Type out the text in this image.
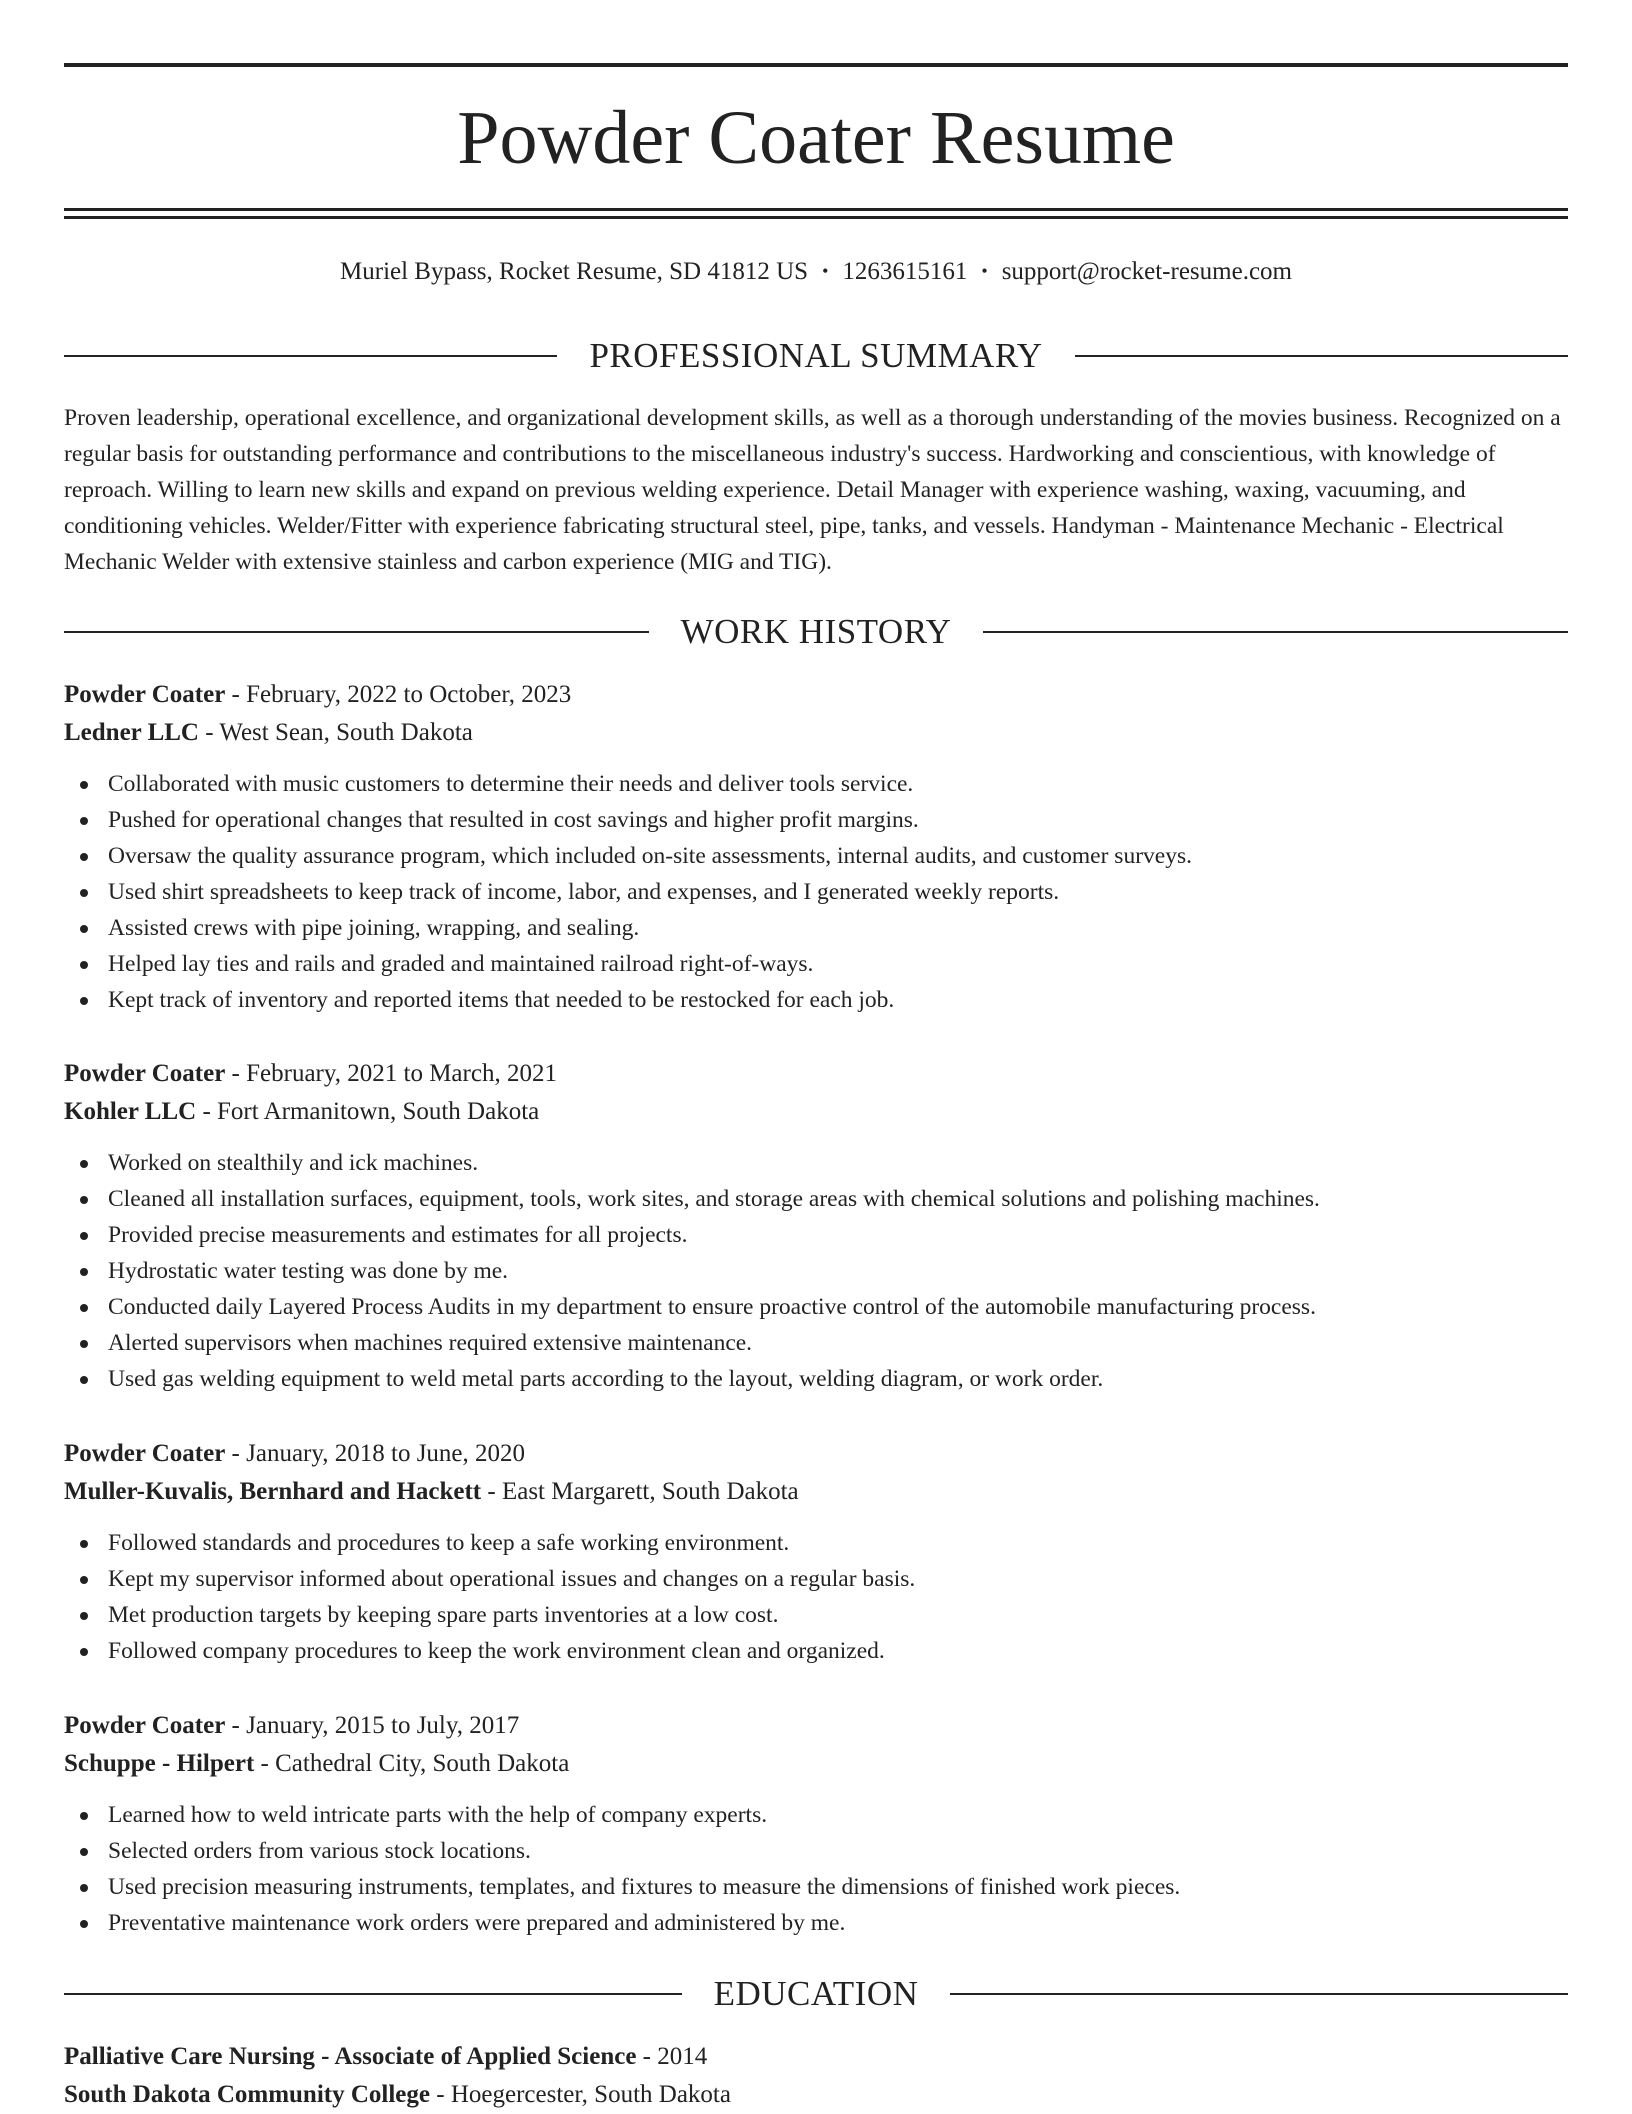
Powder Coater Resume
Muriel Bypass, Rocket Resume, SD 41812 US • 1263615161 • support@rocket-resume.com
PROFESSIONAL SUMMARY

Proven leadership, operational excellence, and organizational development skills, as well as a thorough understanding of the movies business. Recognized on a regular basis for outstanding performance and contributions to the miscellaneous industry's success. Hardworking and conscientious, with knowledge of reproach. Willing to learn new skills and expand on previous welding experience. Detail Manager with experience washing, waxing, vacuuming, and conditioning vehicles. Welder/Fitter with experience fabricating structural steel, pipe, tanks, and vessels. Handyman - Maintenance Mechanic - Electrical Mechanic Welder with extensive stainless and carbon experience (MIG and TIG).

WORK HISTORY
Powder Coater - February, 2022 to October, 2023
Ledner LLC - West Sean, South Dakota
Collaborated with music customers to determine their needs and deliver tools service.
Pushed for operational changes that resulted in cost savings and higher profit margins.
Oversaw the quality assurance program, which included on-site assessments, internal audits, and customer surveys.
Used shirt spreadsheets to keep track of income, labor, and expenses, and I generated weekly reports.
Assisted crews with pipe joining, wrapping, and sealing.
Helped lay ties and rails and graded and maintained railroad right-of-ways.
Kept track of inventory and reported items that needed to be restocked for each job.
Powder Coater - February, 2021 to March, 2021
Kohler LLC - Fort Armanitown, South Dakota
Worked on stealthily and ick machines.
Cleaned all installation surfaces, equipment, tools, work sites, and storage areas with chemical solutions and polishing machines.
Provided precise measurements and estimates for all projects.
Hydrostatic water testing was done by me.
Conducted daily Layered Process Audits in my department to ensure proactive control of the automobile manufacturing process.
Alerted supervisors when machines required extensive maintenance.
Used gas welding equipment to weld metal parts according to the layout, welding diagram, or work order.
Powder Coater - January, 2018 to June, 2020
Muller-Kuvalis, Bernhard and Hackett - East Margarett, South Dakota
Followed standards and procedures to keep a safe working environment.
Kept my supervisor informed about operational issues and changes on a regular basis.
Met production targets by keeping spare parts inventories at a low cost.
Followed company procedures to keep the work environment clean and organized.
Powder Coater - January, 2015 to July, 2017
Schuppe - Hilpert - Cathedral City, South Dakota
Learned how to weld intricate parts with the help of company experts.
Selected orders from various stock locations.
Used precision measuring instruments, templates, and fixtures to measure the dimensions of finished work pieces.
Preventative maintenance work orders were prepared and administered by me.
EDUCATION
Palliative Care Nursing - Associate of Applied Science - 2014
South Dakota Community College - Hoegercester, South Dakota
